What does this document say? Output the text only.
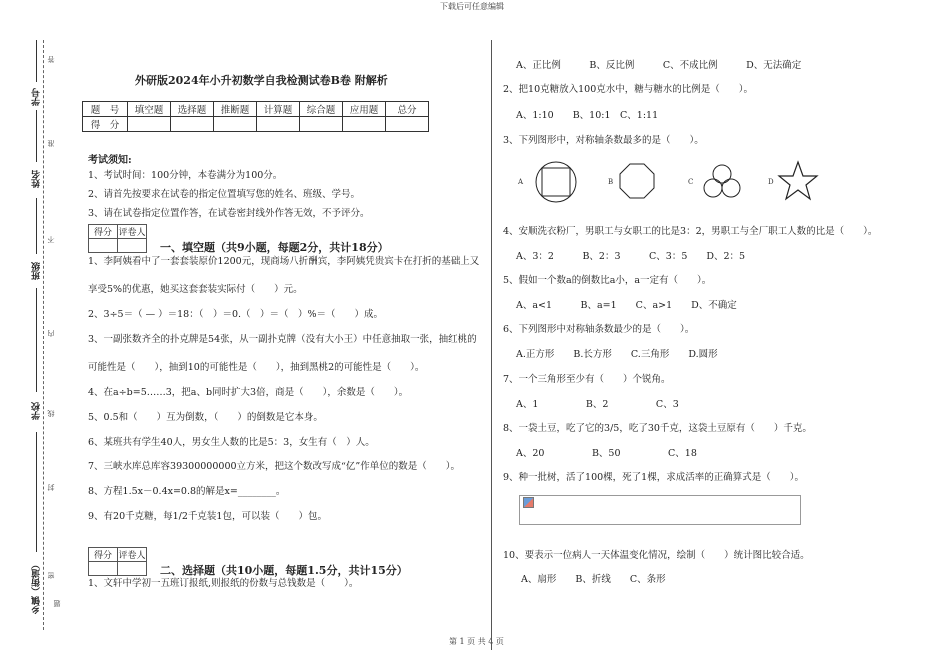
下载后可任意编辑
第 1 页 共 4 页
学号
姓名
班级
学校
乡镇（街道）
答
准
不
内
线
封
密
题
外研版2024年小升初数学自我检测试卷B卷 附解析
题　号	填空题	选择题	推断题	计算题	综合题	应用题	总分
得　分							
考试须知:
1、考试时间：100分钟，本卷满分为100分。
2、请首先按要求在试卷的指定位置填写您的姓名、班级、学号。
3、请在试卷指定位置作答，在试卷密封线外作答无效，不予评分。
得分	评卷人

一、填空题（共9小题，每题2分，共计18分）
1、李阿姨看中了一套套装原价1200元，现商场八折酬宾，李阿姨凭贵宾卡在打折的基础上又
享受5%的优惠，她买这套套装实际付（　　）元。
2、3÷5＝（ — ）＝18：（　）＝0.（　）＝（　）%＝（　　）成。
3、一副张数齐全的扑克牌是54张，从一副扑克牌（没有大小王）中任意抽取一张，抽红桃的
可能性是（　　），抽到10的可能性是（　　），抽到黑桃2的可能性是（　　）。
4、在a÷b=5……3，把a、b同时扩大3倍，商是（　　），余数是（　　）。
5、0.5和（　　）互为倒数，（　　）的倒数是它本身。
6、某班共有学生40人，男女生人数的比是5：3，女生有（　）人。
7、三峡水库总库容39300000000立方米，把这个数改写成“亿”作单位的数是（　　）。
8、方程1.5x－0.4x=0.8的解是x=________。
9、有20千克糖，每1/2千克装1包，可以装（　　）包。
得分	评卷人

二、选择题（共10小题，每题1.5分，共计15分）
1、文轩中学初一五班订报纸,则报纸的份数与总钱数是（　　）。
A、正比例　　　B、反比例　　　C、不成比例　　　D、无法确定
2、把10克糖放入100克水中，糖与糖水的比例是（　　）。
A、1:10　　B、10:1　C、1:11
3、下列图形中，对称轴条数最多的是（　　）。
A	B	C	D
4、安顺洗衣粉厂，男职工与女职工的比是3：2，男职工与全厂职工人数的比是（　　）。
A、3：2　　　B、2：3　　　C、3：5　　D、2：5
5、假如一个数a的倒数比a小，a一定有（　　）。
A、a<1　　　B、a=1　　C、a>1　　D、不确定
6、下列图形中对称轴条数最少的是（　　）。
A.正方形　　B.长方形　　C.三角形　　D.圆形
7、一个三角形至少有（　　）个锐角。
A、1　　　　　B、2　　　　　C、3
8、一袋土豆，吃了它的3/5，吃了30千克，这袋土豆原有（　　）千克。
A、20　　　　　B、50　　　　　C、18
9、种一批树，活了100棵，死了1棵，求成活率的正确算式是（　　）。
10、要表示一位病人一天体温变化情况，绘制（　　）统计图比较合适。
A、扇形　　B、折线　　C、条形
